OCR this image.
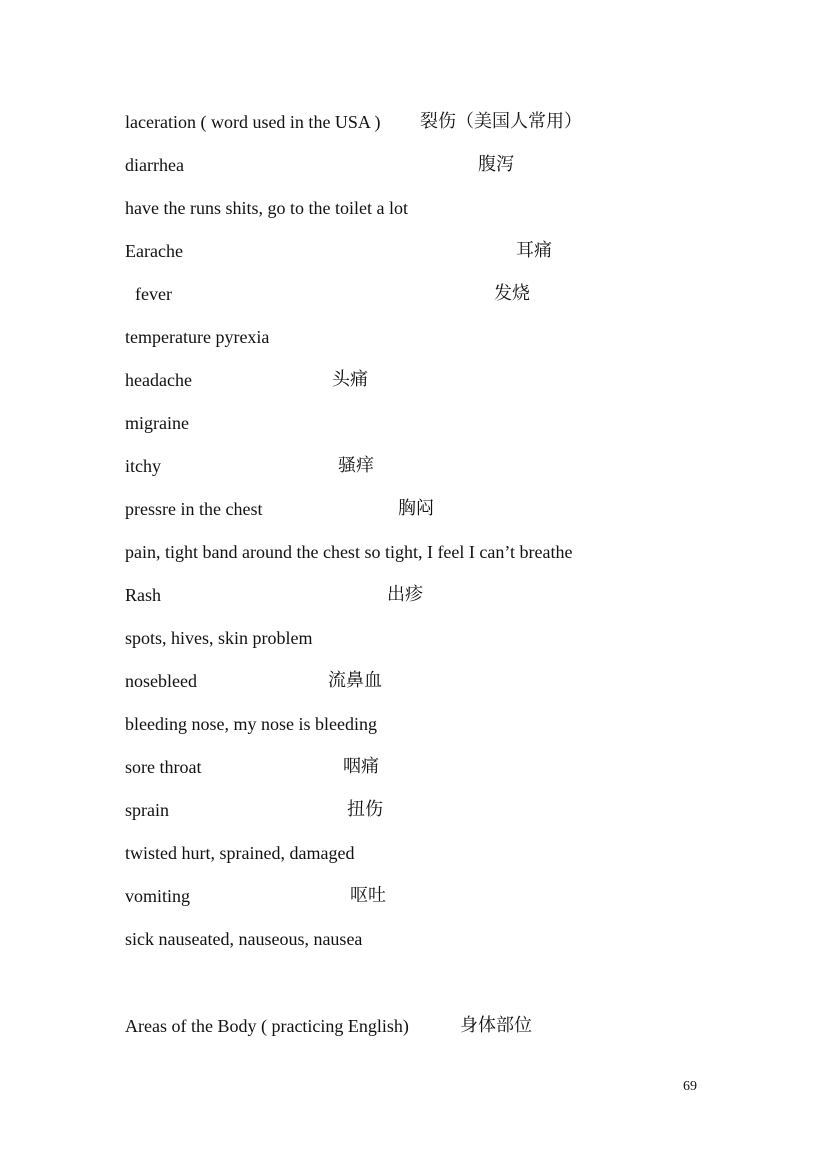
laceration ( word used in the USA ) 裂伤（美国人常用）
diarrhea	腹泻
have the runs shits, go to the toilet a lot
Earache	耳痛
fever	发烧
temperature pyrexia
headache	头痛
migraine
itchy	骚痒
pressre in the chest	胸闷
pain, tight band around the chest so tight, I feel I can’t breathe
Rash	出疹
spots, hives, skin problem
nosebleed	流鼻血
bleeding nose, my nose is bleeding
sore throat	咽痛
sprain	扭伤
twisted hurt, sprained, damaged
vomiting	呕吐
sick nauseated, nauseous, nausea
Areas of the Body ( practicing English)	身体部位
69
